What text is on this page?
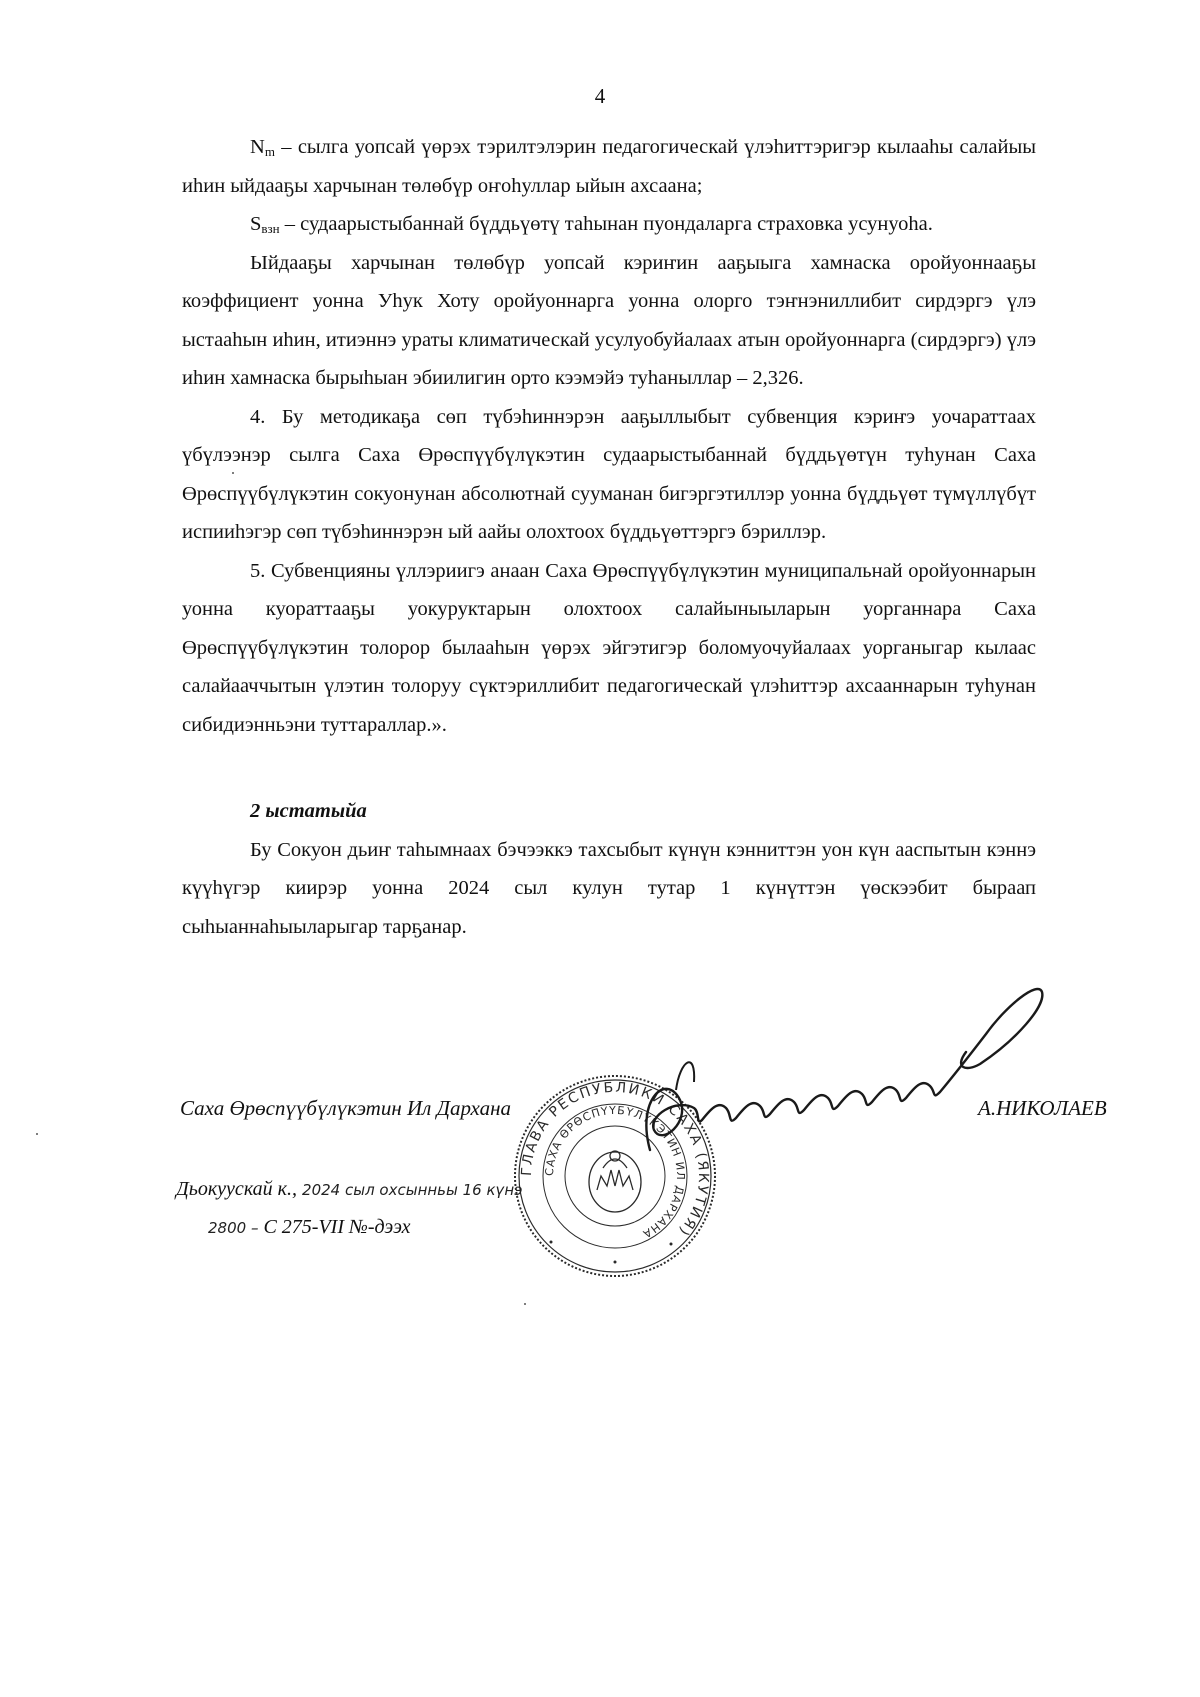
4

$N_m$ – сылга уопсай үөрэх тэрилтэлэрин педагогическай үлэһиттэригэр кылааһы салайыы иһин ыйдааҕы харчынан төлөбүр оҥоһуллар ыйын ахсаана;

$S_{взн}$ – судаарыстыбаннай бүддьүөтү таһынан пуондаларга страховка усунуоһа.

Ыйдааҕы харчынан төлөбүр уопсай кэриҥин ааҕыыга хамнаска оройуоннааҕы коэффициент уонна Уһук Хоту оройуоннарга уонна олорго тэҥнэниллибит сирдэргэ үлэ ыстааһын иһин, итиэннэ ураты климатическай усулуобуйалаах атын оройуоннарга (сирдэргэ) үлэ иһин хамнаска бырыһыан эбиилигин орто кээмэйэ туһаныллар – 2,326.

4. Бу методикаҕа сөп түбэһиннэрэн ааҕыллыбыт субвенция кэриҥэ уочараттаах үбүлээнэр сылга Саха Өрөспүүбүлүкэтин судаарыстыбаннай бүддьүөтүн туһунан Саха Өрөспүүбүлүкэтин сокуонунан абсолютнай сууманан бигэргэтиллэр уонна бүддьүөт түмүллүбүт испииһэгэр сөп түбэһиннэрэн ый аайы олохтоох бүддьүөттэргэ бэриллэр.

5. Субвенцияны үллэриигэ анаан Саха Өрөспүүбүлүкэтин муниципальнай оройуоннарын уонна куораттааҕы уокуруктарын олохтоох салайыныыларын уорганнара Саха Өрөспүүбүлүкэтин толорор былааһын үөрэх эйгэтигэр боломуочуйалаах уорганыгар кылаас салайааччытын үлэтин толоруу сүктэриллибит педагогическай үлэһиттэр ахсааннарын туһунан сибидиэнньэни туттараллар.».

2 ыстатыйа

Бу Сокуон дьиҥ таһымнаах бэчээккэ тахсыбыт күнүн кэнниттэн уон күн ааспытын кэннэ күүһүгэр киирэр уонна 2024 сыл кулун тутар 1 күнүттэн үөскээбит быраап сыһыаннаһыыларыгар тарҕанар.

ГЛАВА РЕСПУБЛИКИ САХА (ЯКУТИЯ)
САХА ӨРӨСПҮҮБҮЛҮКЭТИН ИЛ ДАРХАНА
Саха Өрөспүүбүлүкэтин Ил Дархана	А.НИКОЛАЕВ
Дьокуускай к., 2024 сыл охсынньы 16 күнэ
2800 – С 275-VII №-дээх
